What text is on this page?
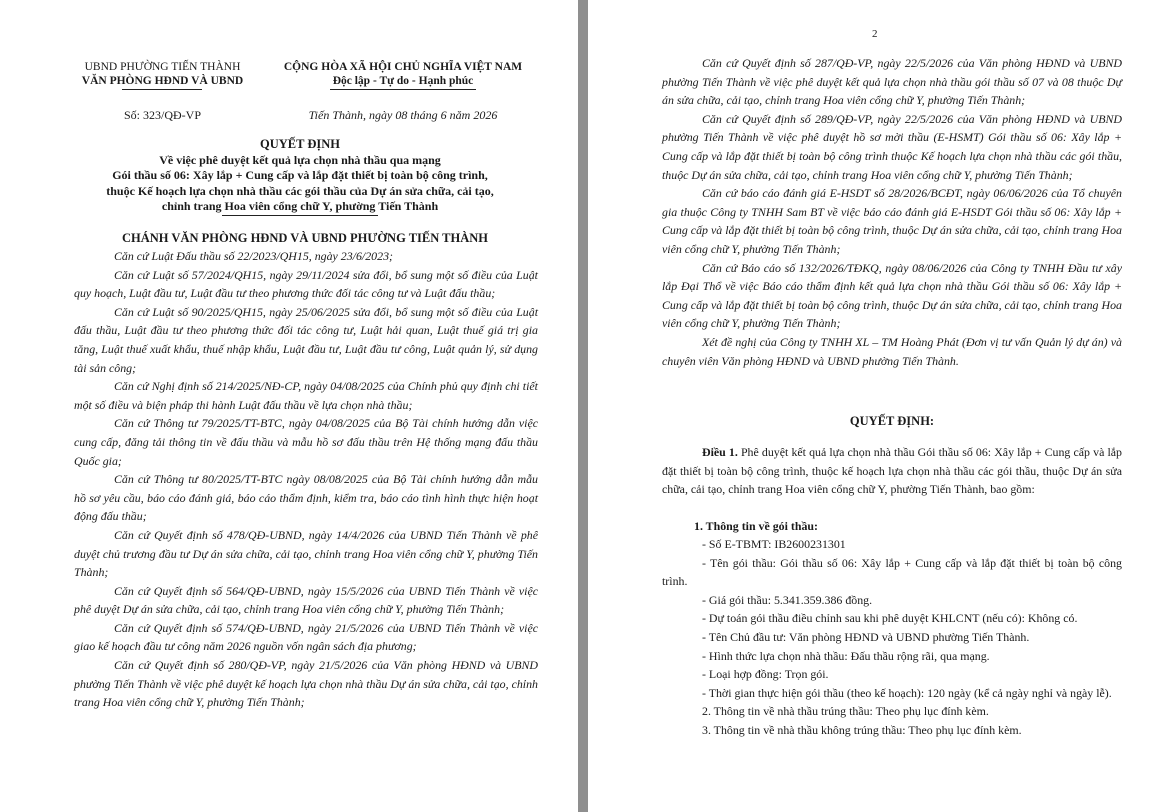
UBND PHƯỜNG TIẾN THÀNH
VĂN PHÒNG HĐND VÀ UBND
CỘNG HÒA XÃ HỘI CHỦ NGHĨA VIỆT NAM
Độc lập - Tự do - Hạnh phúc
Số: 323/QĐ-VP	Tiến Thành, ngày 08 tháng 6 năm 2026
QUYẾT ĐỊNH
Về việc phê duyệt kết quả lựa chọn nhà thầu qua mạng
Gói thầu số 06: Xây lắp + Cung cấp và lắp đặt thiết bị toàn bộ công trình,
thuộc Kế hoạch lựa chọn nhà thầu các gói thầu của Dự án sửa chữa, cải tạo,
chỉnh trang Hoa viên cổng chữ Y, phường Tiến Thành
CHÁNH VĂN PHÒNG HĐND VÀ UBND PHƯỜNG TIẾN THÀNH
Căn cứ Luật Đấu thầu số 22/2023/QH15, ngày 23/6/2023;
Căn cứ Luật số 57/2024/QH15, ngày 29/11/2024 sửa đổi, bổ sung một số điều của Luật quy hoạch, Luật đầu tư, Luật đầu tư theo phương thức đối tác công tư và Luật đấu thầu;
Căn cứ Luật số 90/2025/QH15, ngày 25/06/2025 sửa đổi, bổ sung một số điều của Luật đấu thầu, Luật đầu tư theo phương thức đối tác công tư, Luật hải quan, Luật thuế giá trị gia tăng, Luật thuế xuất khẩu, thuế nhập khẩu, Luật đầu tư, Luật đầu tư công, Luật quản lý, sử dụng tài sản công;
Căn cứ Nghị định số 214/2025/NĐ-CP, ngày 04/08/2025 của Chính phủ quy định chi tiết một số điều và biện pháp thi hành Luật đấu thầu về lựa chọn nhà thầu;
Căn cứ Thông tư 79/2025/TT-BTC, ngày 04/08/2025 của Bộ Tài chính hướng dẫn việc cung cấp, đăng tải thông tin về đấu thầu và mẫu hồ sơ đấu thầu trên Hệ thống mạng đấu thầu Quốc gia;
Căn cứ Thông tư 80/2025/TT-BTC ngày 08/08/2025 của Bộ Tài chính hướng dẫn mẫu hồ sơ yêu cầu, báo cáo đánh giá, báo cáo thẩm định, kiểm tra, báo cáo tình hình thực hiện hoạt động đấu thầu;
Căn cứ Quyết định số 478/QĐ-UBND, ngày 14/4/2026 của UBND Tiến Thành về phê duyệt chủ trương đầu tư Dự án sửa chữa, cải tạo, chỉnh trang Hoa viên cổng chữ Y, phường Tiến Thành;
Căn cứ Quyết định số 564/QĐ-UBND, ngày 15/5/2026 của UBND Tiến Thành về việc phê duyệt Dự án sửa chữa, cải tạo, chỉnh trang Hoa viên cổng chữ Y, phường Tiến Thành;
Căn cứ Quyết định số 574/QĐ-UBND, ngày 21/5/2026 của UBND Tiến Thành về việc giao kế hoạch đầu tư công năm 2026 nguồn vốn ngân sách địa phương;
Căn cứ Quyết định số 280/QĐ-VP, ngày 21/5/2026 của Văn phòng HĐND và UBND phường Tiến Thành về việc phê duyệt kế hoạch lựa chọn nhà thầu Dự án sửa chữa, cải tạo, chỉnh trang Hoa viên cổng chữ Y, phường Tiến Thành;
2
Căn cứ Quyết định số 287/QĐ-VP, ngày 22/5/2026 của Văn phòng HĐND và UBND phường Tiến Thành về việc phê duyệt kết quả lựa chọn nhà thầu gói thầu số 07 và 08 thuộc Dự án sửa chữa, cải tạo, chỉnh trang Hoa viên cổng chữ Y, phường Tiến Thành;
Căn cứ Quyết định số 289/QĐ-VP, ngày 22/5/2026 của Văn phòng HĐND và UBND phường Tiến Thành về việc phê duyệt hồ sơ mời thầu (E-HSMT) Gói thầu số 06: Xây lắp + Cung cấp và lắp đặt thiết bị toàn bộ công trình thuộc Kế hoạch lựa chọn nhà thầu các gói thầu, thuộc Dự án sửa chữa, cải tạo, chỉnh trang Hoa viên cổng chữ Y, phường Tiến Thành;
Căn cứ báo cáo đánh giá E-HSDT số 28/2026/BCĐT, ngày 06/06/2026 của Tổ chuyên gia thuộc Công ty TNHH Sam BT về việc báo cáo đánh giá E-HSDT Gói thầu số 06: Xây lắp + Cung cấp và lắp đặt thiết bị toàn bộ công trình, thuộc Dự án sửa chữa, cải tạo, chỉnh trang Hoa viên cổng chữ Y, phường Tiến Thành;
Căn cứ Báo cáo số 132/2026/TĐKQ, ngày 08/06/2026 của Công ty TNHH Đầu tư xây lắp Đại Thổ về việc Báo cáo thẩm định kết quả lựa chọn nhà thầu Gói thầu số 06: Xây lắp + Cung cấp và lắp đặt thiết bị toàn bộ công trình, thuộc Dự án sửa chữa, cải tạo, chỉnh trang Hoa viên cổng chữ Y, phường Tiến Thành;
Xét đề nghị của Công ty TNHH XL – TM Hoàng Phát (Đơn vị tư vấn Quản lý dự án) và chuyên viên Văn phòng HĐND và UBND phường Tiến Thành.
QUYẾT ĐỊNH:
Điều 1. Phê duyệt kết quả lựa chọn nhà thầu Gói thầu số 06: Xây lắp + Cung cấp và lắp đặt thiết bị toàn bộ công trình, thuộc kế hoạch lựa chọn nhà thầu các gói thầu, thuộc Dự án sửa chữa, cải tạo, chỉnh trang Hoa viên cổng chữ Y, phường Tiến Thành, bao gồm:
1. Thông tin về gói thầu:
- Số E-TBMT: IB2600231301
- Tên gói thầu: Gói thầu số 06: Xây lắp + Cung cấp và lắp đặt thiết bị toàn bộ công trình.
- Giá gói thầu: 5.341.359.386 đồng.
- Dự toán gói thầu điều chỉnh sau khi phê duyệt KHLCNT (nếu có): Không có.
- Tên Chủ đầu tư: Văn phòng HĐND và UBND phường Tiến Thành.
- Hình thức lựa chọn nhà thầu: Đấu thầu rộng rãi, qua mạng.
- Loại hợp đồng: Trọn gói.
- Thời gian thực hiện gói thầu (theo kế hoạch): 120 ngày (kể cả ngày nghỉ và ngày lễ).
2. Thông tin về nhà thầu trúng thầu: Theo phụ lục đính kèm.
3. Thông tin về nhà thầu không trúng thầu: Theo phụ lục đính kèm.
